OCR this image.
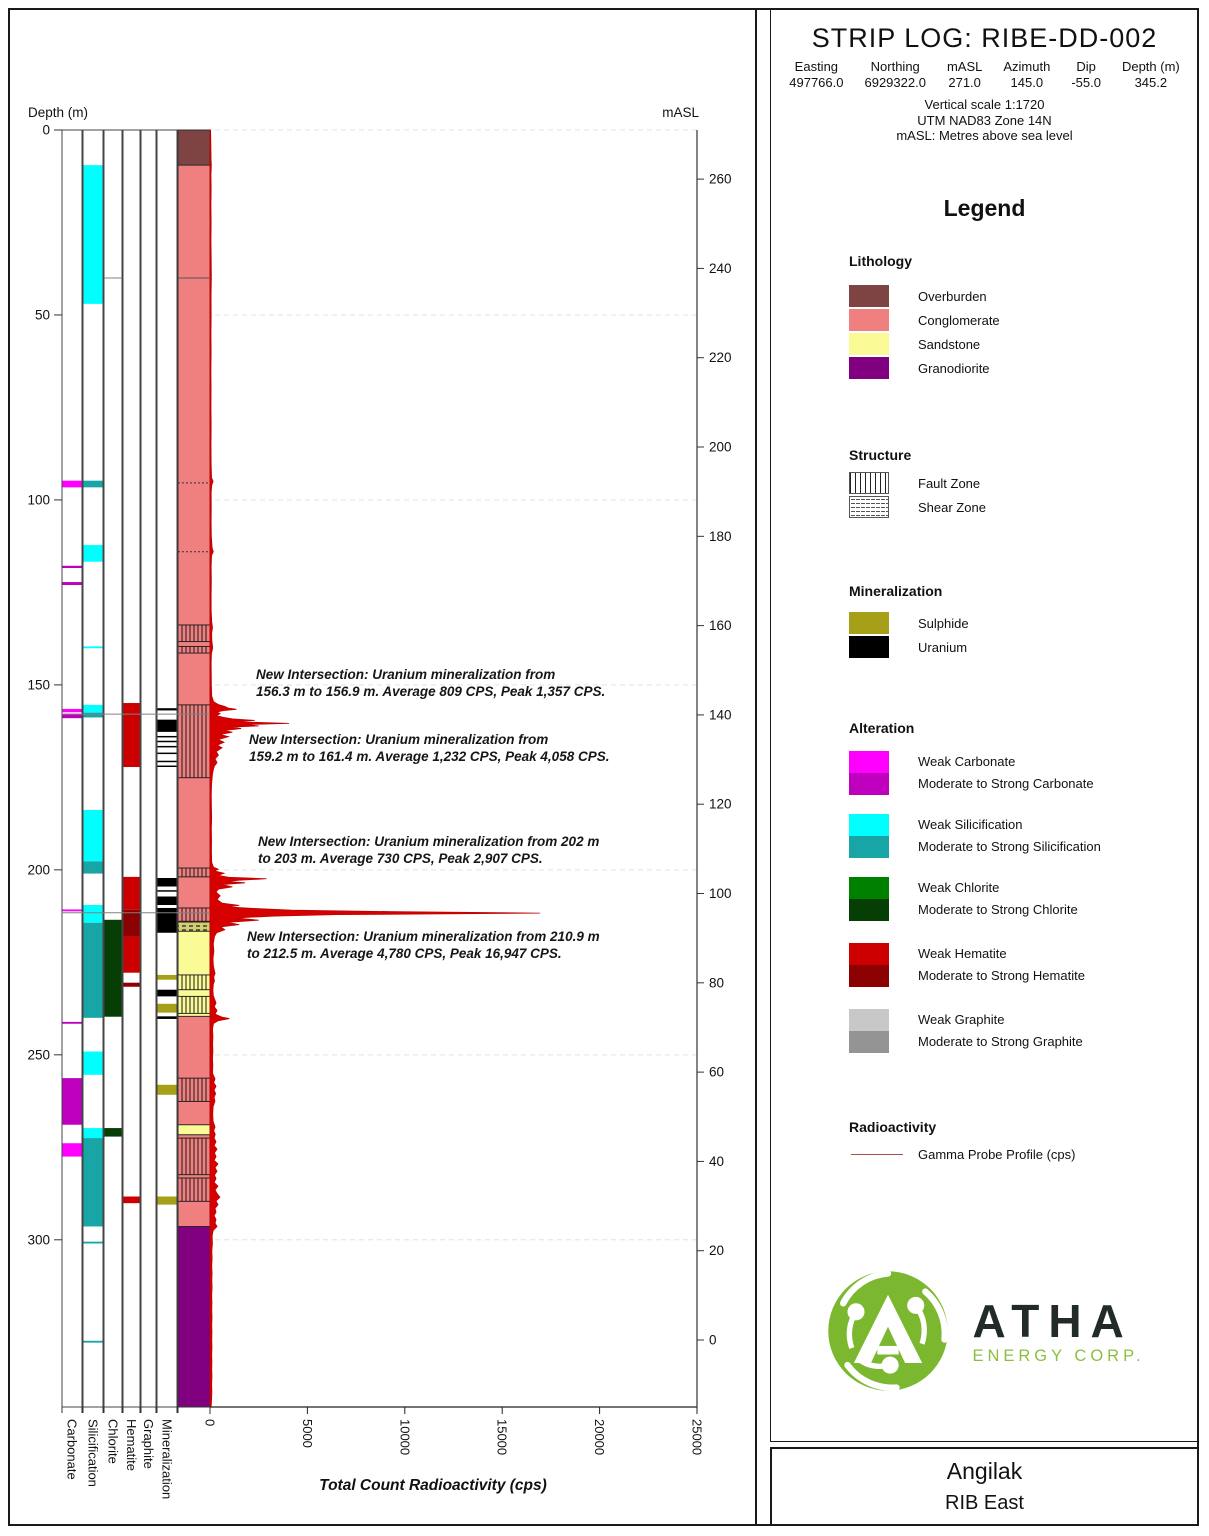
Depth (m)
0
50
100
150
200
250
300
mASL
260
240
220
200
180
160
140
120
100
80
60
40
20
0
0	5000	10000	15000	20000	25000
Total Count Radioactivity (cps)
Carbonate Silicification Chlorite Hematite Graphite Mineralization
New Intersection: Uranium mineralization from 156.3 m to 156.9 m. Average 809 CPS, Peak 1,357 CPS.
New Intersection: Uranium mineralization from 159.2 m to 161.4 m. Average 1,232 CPS, Peak 4,058 CPS.
New Intersection: Uranium mineralization from 202 m to 203 m. Average 730 CPS, Peak 2,907 CPS.
New Intersection: Uranium mineralization from 210.9 m to 212.5 m. Average 4,780 CPS, Peak 16,947 CPS.
STRIP LOG: RIBE-DD-002
Easting
497766.0
Northing
6929322.0
mASL
271.0
Azimuth
145.0
Dip
-55.0
Depth (m)
345.2
Vertical scale 1:1720
UTM NAD83 Zone 14N
mASL: Metres above sea level
Legend
Lithology
Overburden
Conglomerate
Sandstone
Granodiorite
Structure
Fault Zone
Shear Zone
Mineralization
Sulphide
Uranium
Alteration
Weak Carbonate
Moderate to Strong Carbonate
Weak Silicification
Moderate to Strong Silicification
Weak Chlorite
Moderate to Strong Chlorite
Weak Hematite
Moderate to Strong Hematite
Weak Graphite
Moderate to Strong Graphite
Radioactivity
Gamma Probe Profile (cps)
ATHA
ENERGY CORP.
Angilak
RIB East
